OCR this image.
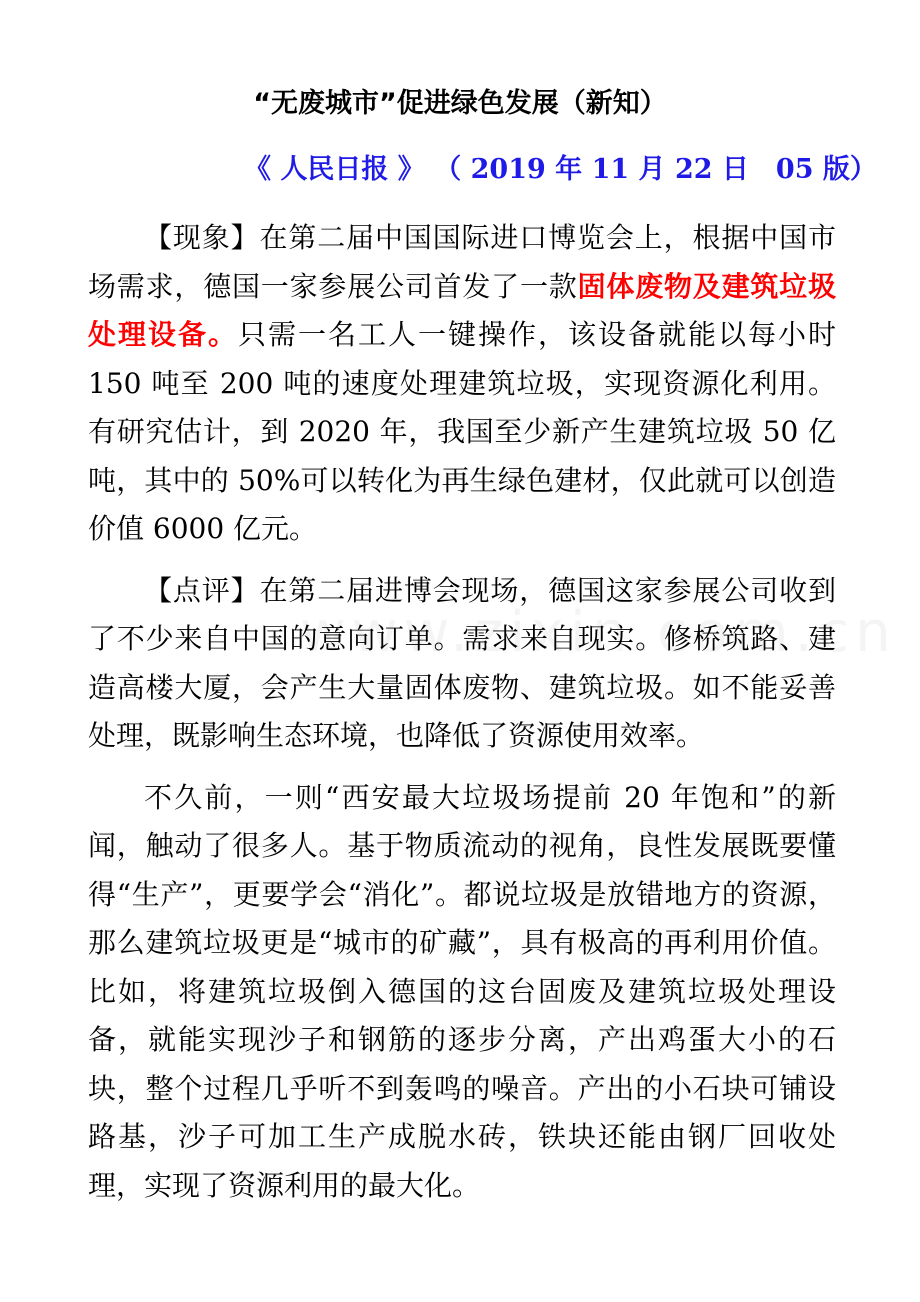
“无废城市”促进绿色发展（新知）
《 人民日报 》 （ 2019 年 11 月 22 日　05 版）

【现象】在第二届中国国际进口博览会上，根据中国市场需求，德国一家参展公司首发了一款固体废物及建筑垃圾处理设备。只需一名工人一键操作，该设备就能以每小时 150 吨至 200 吨的速度处理建筑垃圾，实现资源化利用。有研究估计，到 2020 年，我国至少新产生建筑垃圾 50 亿吨，其中的 50%可以转化为再生绿色建材，仅此就可以创造价值 6000 亿元。

【点评】在第二届进博会现场，德国这家参展公司收到了不少来自中国的意向订单。需求来自现实。修桥筑路、建造高楼大厦，会产生大量固体废物、建筑垃圾。如不能妥善处理，既影响生态环境，也降低了资源使用效率。

不久前，一则“西安最大垃圾场提前 20 年饱和”的新闻，触动了很多人。基于物质流动的视角，良性发展既要懂得“生产”，更要学会“消化”。都说垃圾是放错地方的资源，那么建筑垃圾更是“城市的矿藏”，具有极高的再利用价值。比如，将建筑垃圾倒入德国的这台固废及建筑垃圾处理设备，就能实现沙子和钢筋的逐步分离，产出鸡蛋大小的石块，整个过程几乎听不到轰鸣的噪音。产出的小石块可铺设路基，沙子可加工生产成脱水砖，铁块还能由钢厂回收处理，实现了资源利用的最大化。
